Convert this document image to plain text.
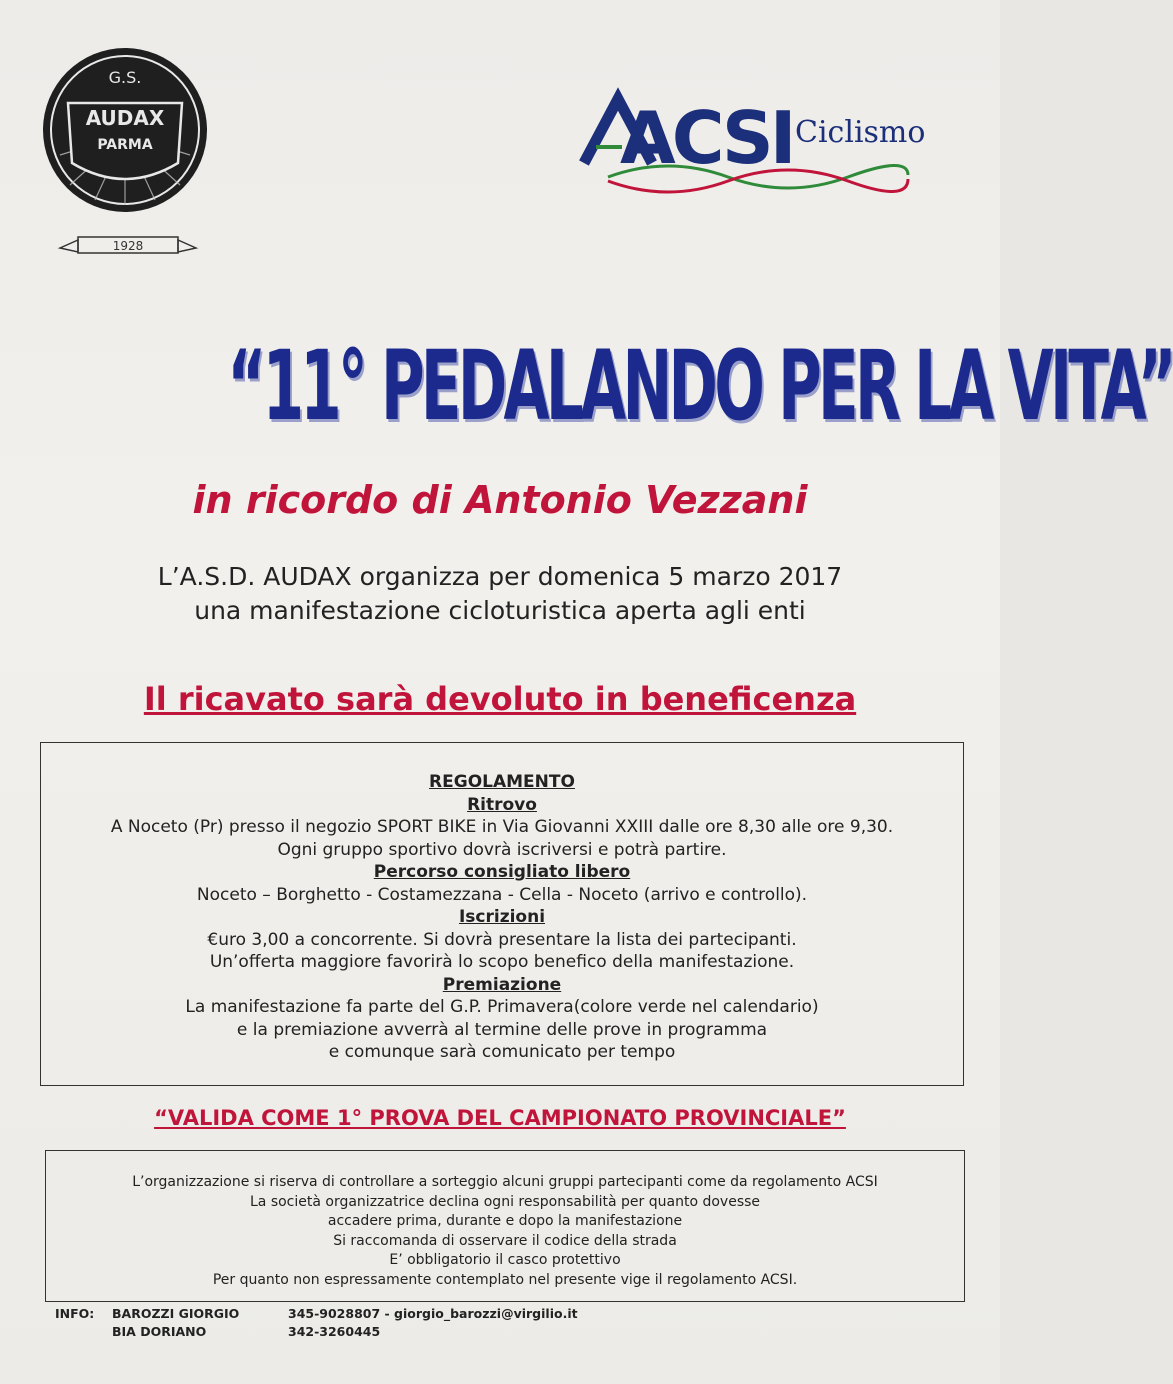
G.S.
AUDAX
PARMA
1928
ACSI Ciclismo
“11° PEDALANDO PER LA VITA”
in ricordo di Antonio Vezzani
L’A.S.D. AUDAX organizza per domenica 5 marzo 2017
una manifestazione cicloturistica aperta agli enti
Il ricavato sarà devoluto in beneficenza
REGOLAMENTO
Ritrovo
A Noceto (Pr) presso il negozio SPORT BIKE in Via Giovanni XXIII dalle ore 8,30 alle ore 9,30.
Ogni gruppo sportivo dovrà iscriversi e potrà partire.
Percorso consigliato libero
Noceto – Borghetto - Costamezzana - Cella - Noceto (arrivo e controllo).
Iscrizioni
€uro 3,00 a concorrente. Si dovrà presentare la lista dei partecipanti.
Un’offerta maggiore favorirà lo scopo benefico della manifestazione.
Premiazione
La manifestazione fa parte del G.P. Primavera(colore verde nel calendario)
e la premiazione avverrà al termine delle prove in programma
e comunque sarà comunicato per tempo
“VALIDA COME 1° PROVA DEL CAMPIONATO PROVINCIALE”
L’organizzazione si riserva di controllare a sorteggio alcuni gruppi partecipanti come da regolamento ACSI
La società organizzatrice declina ogni responsabilità per quanto dovesse
accadere prima, durante e dopo la manifestazione
Si raccomanda di osservare il codice della strada
E’ obbligatorio il casco protettivo
Per quanto non espressamente contemplato nel presente vige il regolamento ACSI.
INFO: BAROZZI GIORGIO
BIA DORIANO
345-9028807 - giorgio_barozzi@virgilio.it
342-3260445
